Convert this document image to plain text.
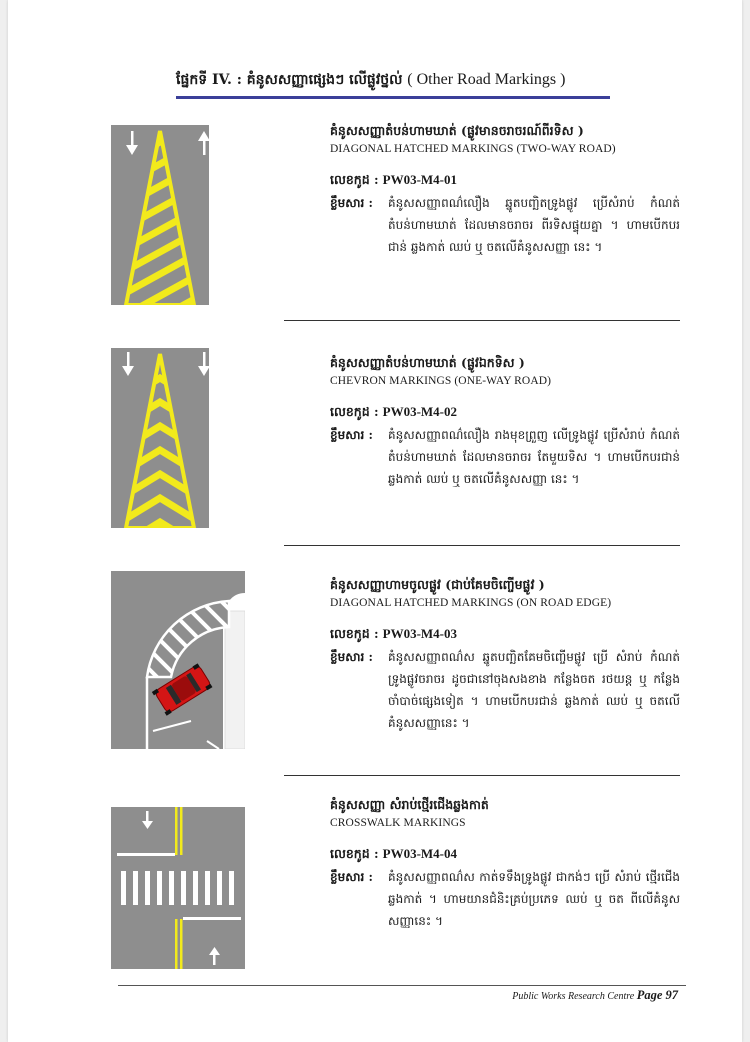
ផ្នែកទី IV. : គំនូសសញ្ញាផ្សេងៗ លើផ្លូវថ្នល់ ( Other Road Markings )
គំនូសសញ្ញាតំបន់ហាមឃាត់ (ផ្លូវមានចរាចរណ៍ពីរទិស )
DIAGONAL HATCHED MARKINGS (TWO-WAY ROAD)
លេខកូដ : PW03-M4-01
ខ្លឹមសារ :	គំនូសសញ្ញាពណ៌លឿង ឆ្នូតបញ្ឆិតទ្រូងផ្លូវ ប្រើសំរាប់ កំណត់តំបន់ហាមឃាត់ ដែលមានចរាចរ ពីរទិសផ្ទុយគ្នា ។ ហាមបើកបរជាន់ ឆ្លងកាត់ ឈប់ ឬ ចតលើគំនូសសញ្ញា នេះ ។
គំនូសសញ្ញាតំបន់ហាមឃាត់ (ផ្លូវឯកទិស )
CHEVRON MARKINGS (ONE-WAY ROAD)
លេខកូដ : PW03-M4-02
ខ្លឹមសារ :	គំនូសសញ្ញាពណ៌លឿង រាងមុខព្រួញ លើទ្រូងផ្លូវ ប្រើសំរាប់ កំណត់តំបន់ហាមឃាត់ ដែលមានចរាចរ តែមួយទិស ។ ហាមបើកបរជាន់ ឆ្លងកាត់ ឈប់ ឬ ចតលើគំនូសសញ្ញា នេះ ។
គំនូសសញ្ញាហាមចូលផ្លូវ (ជាប់គែមចិញ្ចើមផ្លូវ )
DIAGONAL HATCHED MARKINGS (ON ROAD EDGE)
លេខកូដ : PW03-M4-03
ខ្លឹមសារ :	គំនូសសញ្ញាពណ៌ស ឆ្នូតបញ្ឆិតគែមចិញ្ចើមផ្លូវ ប្រើ សំរាប់ កំណត់ទ្រូងផ្លូវចរាចរ ដូចជានៅចុងសងខាង កន្លែងចត រថយន្ត ឬ កន្លែងចាំបាច់ផ្សេងទៀត ។ ហាមបើកបរជាន់ ឆ្លងកាត់ ឈប់ ឬ ចតលើគំនូសសញ្ញានេះ ។
គំនូសសញ្ញា សំរាប់ថ្មើរជើងឆ្លងកាត់
CROSSWALK MARKINGS
លេខកូដ : PW03-M4-04
ខ្លឹមសារ :	គំនូសសញ្ញាពណ៌ស កាត់ទទឹងទ្រូងផ្លូវ ជាកង់ៗ ប្រើ សំរាប់ ថ្មើរជើងឆ្លងកាត់ ។ ហាមយានជំនិះគ្រប់ប្រភេទ ឈប់ ឬ ចត ពីលើគំនូសសញ្ញានេះ ។
Public Works Research Centre Page 97
